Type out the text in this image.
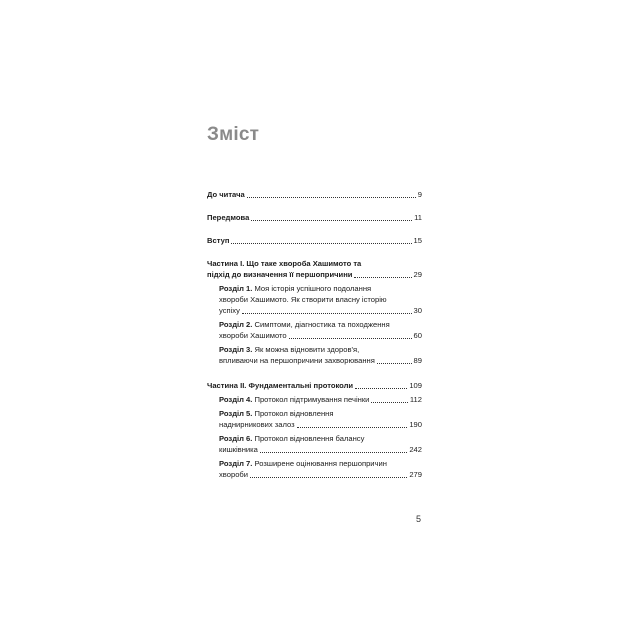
Зміст
До читача	9
Передмова	11
Вступ	15
Частина I. Що таке хвороба Хашимото та
підхід до визначення її першопричини	29
Розділ 1. Моя історія успішного подолання
хвороби Хашимото. Як створити власну історію
успіху	30
Розділ 2. Симптоми, діагностика та походження
хвороби Хашимото	60
Розділ 3. Як можна відновити здоров'я,
впливаючи на першопричини захворювання	89
Частина II. Фундаментальні протоколи	109
Розділ 4. Протокол підтримування печінки	112
Розділ 5. Протокол відновлення
наднирникових залоз	190
Розділ 6. Протокол відновлення балансу
кишківника	242
Розділ 7. Розширене оцінювання першопричин
хвороби	279
5
